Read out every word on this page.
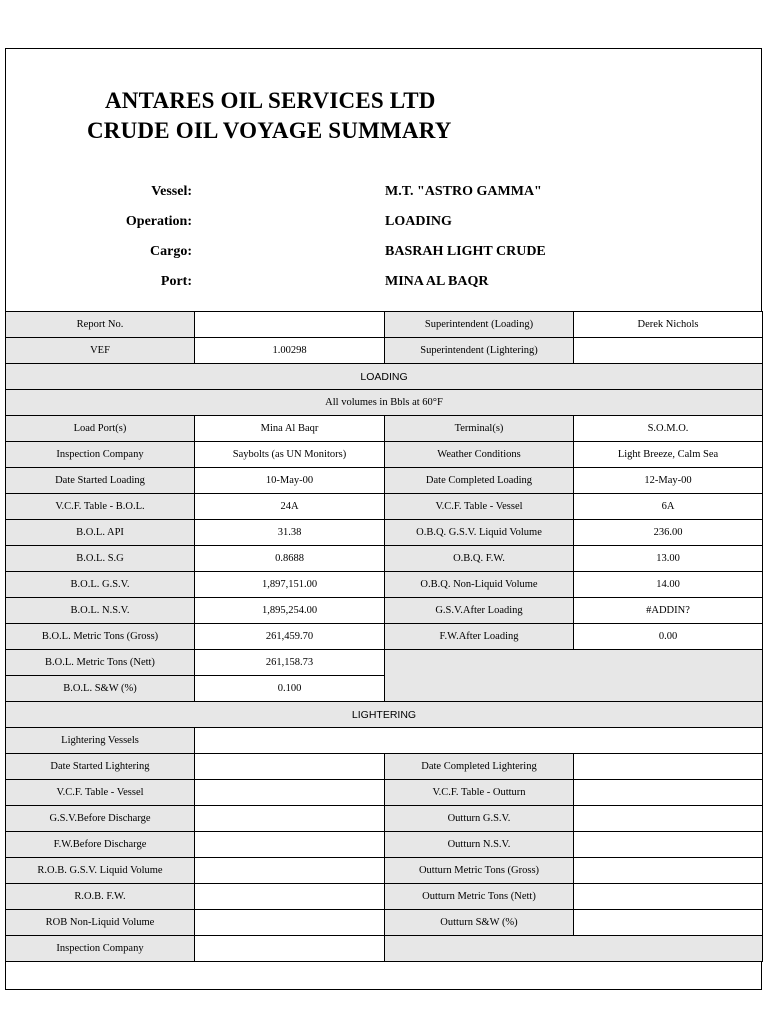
ANTARES OIL SERVICES LTD
CRUDE OIL VOYAGE SUMMARY
Vessel:	M.T. "ASTRO GAMMA"
Operation:	LOADING
Cargo:	BASRAH LIGHT CRUDE
Port:	MINA AL BAQR
Report No.		Superintendent (Loading)	Derek Nichols
VEF	1.00298	Superintendent (Lightering)	
LOADING			
All volumes in Bbls at 60°F			
Load Port(s)	Mina Al Baqr	Terminal(s)	S.O.M.O.
Inspection Company	Saybolts (as UN Monitors)	Weather Conditions	Light Breeze, Calm Sea
Date Started Loading	10-May-00	Date Completed Loading	12-May-00
V.C.F. Table - B.O.L.	24A	V.C.F. Table - Vessel	6A
B.O.L. API	31.38	O.B.Q. G.S.V. Liquid Volume	236.00
B.O.L. S.G	0.8688	O.B.Q. F.W.	13.00
B.O.L. G.S.V.	1,897,151.00	O.B.Q. Non-Liquid Volume	14.00
B.O.L. N.S.V.	1,895,254.00	G.S.V.After Loading	#ADDIN?
B.O.L. Metric Tons (Gross)	261,459.70	F.W.After Loading	0.00
B.O.L. Metric Tons (Nett)	261,158.73		
B.O.L. S&W (%)	0.100		
LIGHTERING			
Lightering Vessels			
Date Started Lightering		Date Completed Lightering	
V.C.F. Table - Vessel		V.C.F. Table - Outturn	
G.S.V.Before Discharge		Outturn G.S.V.	
F.W.Before Discharge		Outturn N.S.V.	
R.O.B. G.S.V. Liquid Volume		Outturn Metric Tons (Gross)	
R.O.B. F.W.		Outturn Metric Tons (Nett)	
ROB Non-Liquid Volume		Outturn S&W (%)	
Inspection Company			
